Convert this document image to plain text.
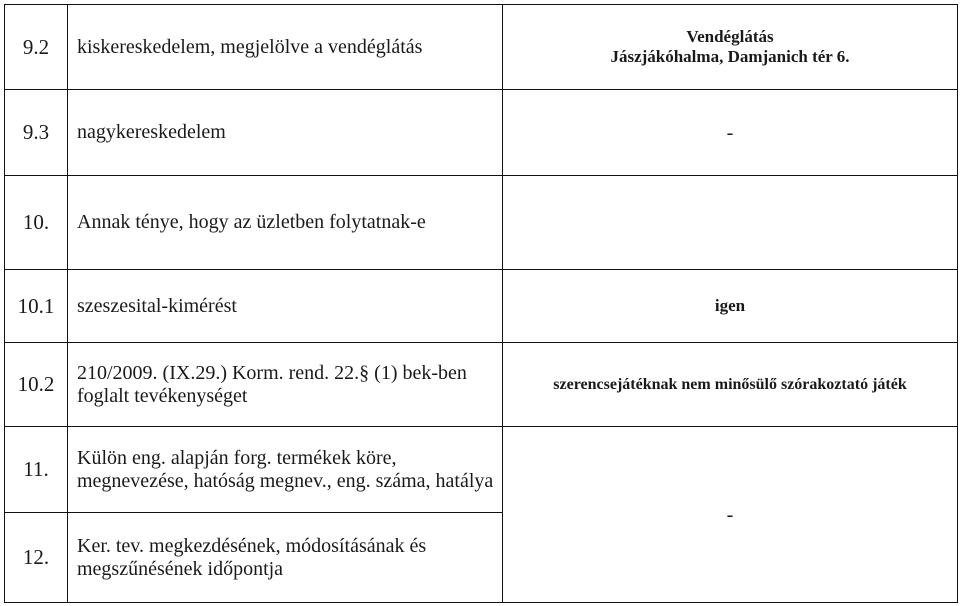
9.2	kiskereskedelem, megjelölve a vendéglátás	Vendéglátás
Jászjákóhalma, Damjanich tér 6.

9.3	nagykereskedelem	-
10.	Annak ténye, hogy az üzletben folytatnak-e	
10.1	szeszesital-kimérést	igen
10.2	210/2009. (IX.29.) Korm. rend. 22.§ (1) bek-ben foglalt tevékenységet	szerencsejátéknak nem minősülő szórakoztató játék
11.	Külön eng. alapján forg. termékek köre, megnevezése, hatóság megnev., eng. száma, hatálya	-
12.	Ker. tev. megkezdésének, módosításának és megszűnésének időpontja	
